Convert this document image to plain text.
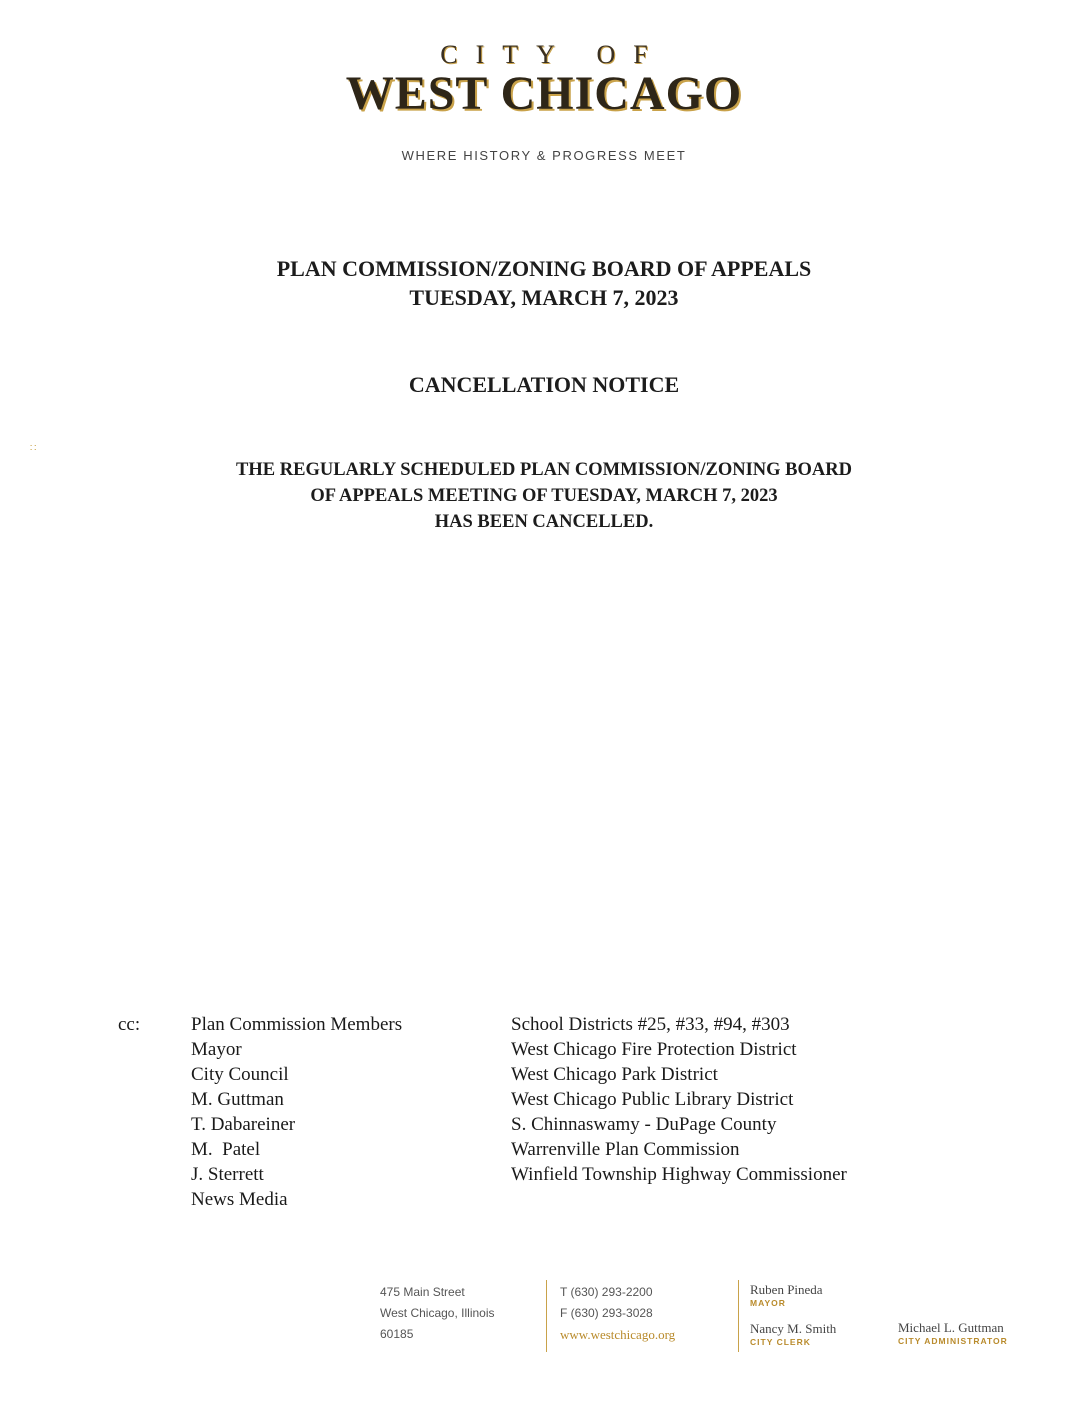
CITY OF
WEST CHICAGO
WHERE HISTORY & PROGRESS MEET
PLAN COMMISSION/ZONING BOARD OF APPEALS
TUESDAY, MARCH 7, 2023
CANCELLATION NOTICE
∷
THE REGULARLY SCHEDULED PLAN COMMISSION/ZONING BOARD
OF APPEALS MEETING OF TUESDAY, MARCH 7, 2023
HAS BEEN CANCELLED.
cc:	Plan Commission Members
Mayor
City Council
M. Guttman
T. Dabareiner
M.  Patel
J. Sterrett
News Media
School Districts #25, #33, #94, #303
West Chicago Fire Protection District
West Chicago Park District
West Chicago Public Library District
S. Chinnaswamy - DuPage County
Warrenville Plan Commission
Winfield Township Highway Commissioner
475 Main Street
West Chicago, Illinois
60185
T (630) 293-2200
F (630) 293-3028
www.westchicago.org
Ruben Pineda
MAYOR
Nancy M. Smith
CITY CLERK
Michael L. Guttman
CITY ADMINISTRATOR
